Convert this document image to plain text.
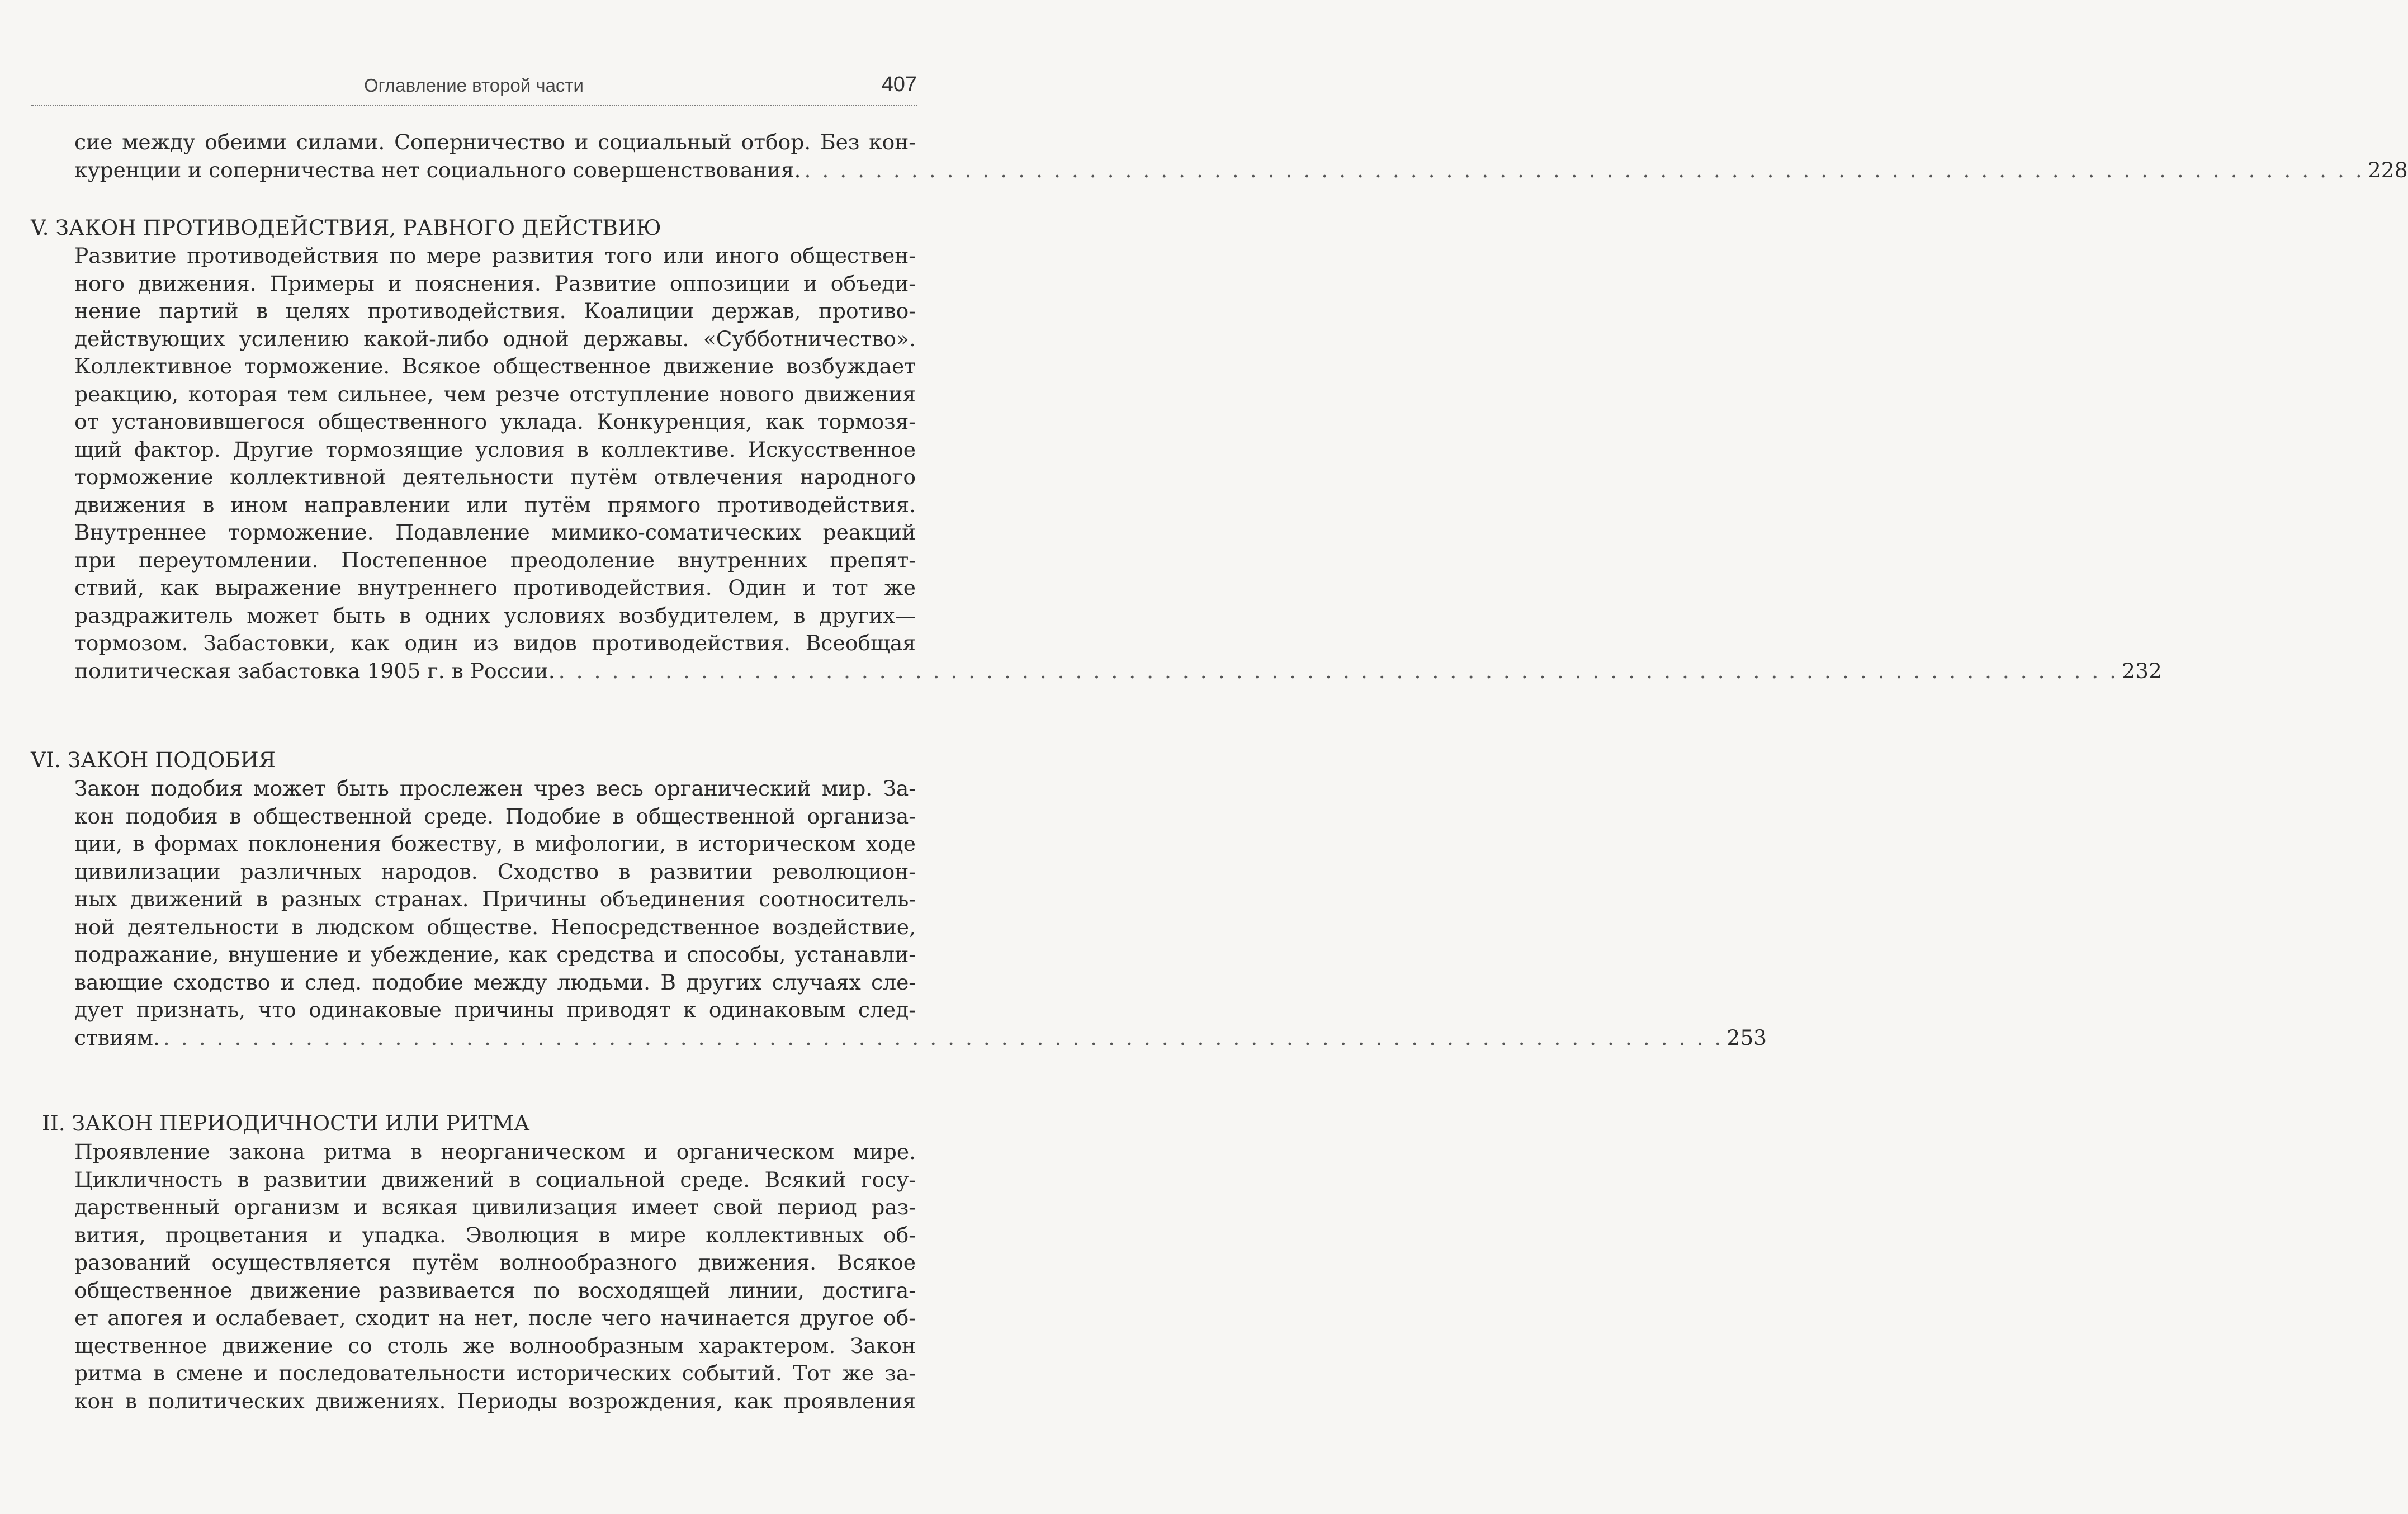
Оглавление второй части	407
сие между обеими силами. Соперничество и социальный отбор. Без кон-
куренции и соперничества нет социального совершенствования. . . . . . . . . . . . . . . . . . . . . . . . . . . . . . . . . . . . . . . . . . . . . . . . . . . . . . . . . . . . . . . . . . . . . . . . . . . . . . . . . . . . . . . . . 228
V. ЗАКОН ПРОТИВОДЕЙСТВИЯ, РАВНОГО ДЕЙСТВИЮ
Развитие противодействия по мере развития того или иного обществен-
ного движения. Примеры и пояснения. Развитие оппозиции и объеди-
нение партий в целях противодействия. Коалиции держав, противо-
действующих усилению какой-либо одной державы. «Субботничество».
Коллективное торможение. Всякое общественное движение возбуждает
реакцию, которая тем сильнее, чем резче отступление нового движения
от установившегося общественного уклада. Конкуренция, как тормозя-
щий фактор. Другие тормозящие условия в коллективе. Искусственное
торможение коллективной деятельности путём отвлечения народного
движения в ином направлении или путём прямого противодействия.
Внутреннее торможение. Подавление мимико-соматических реакций
при переутомлении. Постепенное преодоление внутренних препят-
ствий, как выражение внутреннего противодействия. Один и тот же
раздражитель может быть в одних условиях возбудителем, в других—
тормозом. Забастовки, как один из видов противодействия. Всеобщая
политическая забастовка 1905 г. в России. . . . . . . . . . . . . . . . . . . . . . . . . . . . . . . . . . . . . . . . . . . . . . . . . . . . . . . . . . . . . . . . . . . . . . . . . . . . . . . . . . . . . . . . . 232
VI. ЗАКОН ПОДОБИЯ
Закон подобия может быть прослежен чрез весь органический мир. За-
кон подобия в общественной среде. Подобие в общественной организа-
ции, в формах поклонения божеству, в мифологии, в историческом ходе
цивилизации различных народов. Сходство в развитии революцион-
ных движений в разных странах. Причины объединения соотноситель-
ной деятельности в людском обществе. Непосредственное воздействие,
подражание, внушение и убеждение, как средства и способы, устанавли-
вающие сходство и след. подобие между людьми. В других случаях сле-
дует признать, что одинаковые причины приводят к одинаковым след-
ствиям. . . . . . . . . . . . . . . . . . . . . . . . . . . . . . . . . . . . . . . . . . . . . . . . . . . . . . . . . . . . . . . . . . . . . . . . . . . . . . . . . . . . . . . . . 253
II. ЗАКОН ПЕРИОДИЧНОСТИ ИЛИ РИТМА
Проявление закона ритма в неорганическом и органическом мире.
Цикличность в развитии движений в социальной среде. Всякий госу-
дарственный организм и всякая цивилизация имеет свой период раз-
вития, процветания и упадка. Эволюция в мире коллективных об-
разований осуществляется путём волнообразного движения. Всякое
общественное движение развивается по восходящей линии, достига-
ет апогея и ослабевает, сходит на нет, после чего начинается другое об-
щественное движение со столь же волнообразным характером. Закон
ритма в смене и последовательности исторических событий. Тот же за-
кон в политических движениях. Периоды возрождения, как проявления
